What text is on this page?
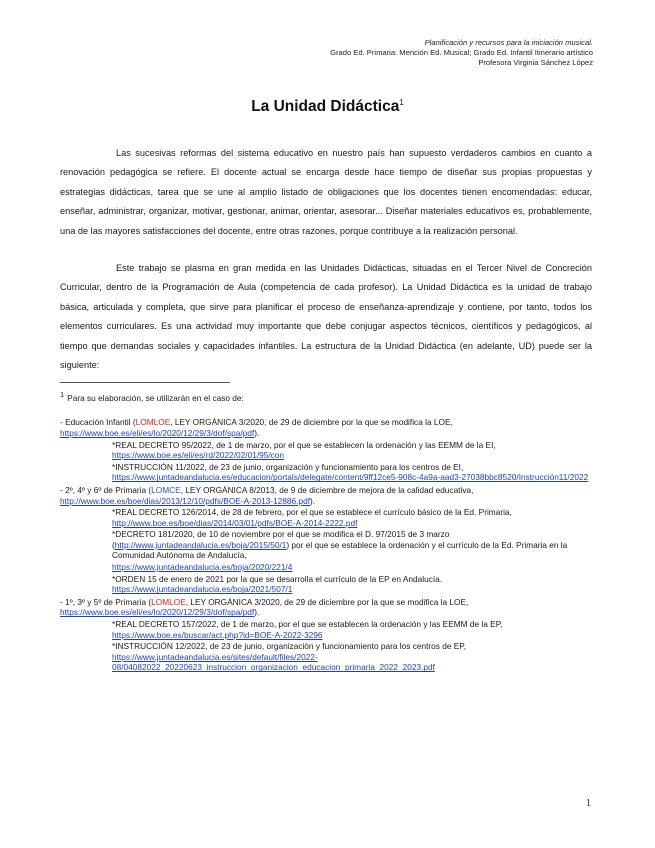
Planificación y recursos para la iniciación musical.
Grado Ed. Primaria: Mención Ed. Musical; Grado Ed. Infantil Itinerario artístico
Profesora Virginia Sánchez López
La Unidad Didáctica$^1$
Las sucesivas reformas del sistema educativo en nuestro país han supuesto verdaderos cambios en cuanto a renovación pedagógica se refiere. El docente actual se encarga desde hace tiempo de diseñar sus propias propuestas y estrategias didácticas, tarea que se une al amplio listado de obligaciones que los docentes tienen encomendadas: educar, enseñar, administrar, organizar, motivar, gestionar, animar, orientar, asesorar... Diseñar materiales educativos es, probablemente, una de las mayores satisfacciones del docente, entre otras razones, porque contribuye a la realización personal.
Este trabajo se plasma en gran medida en las Unidades Didácticas, situadas en el Tercer Nivel de Concreción Curricular, dentro de la Programación de Aula (competencia de cada profesor). La Unidad Didáctica es la unidad de trabajo básica, articulada y completa, que sirve para planificar el proceso de enseñanza-aprendizaje y contiene, por tanto, todos los elementos curriculares. Es una actividad muy importante que debe conjugar aspectos técnicos, científicos y pedagógicos, al tiempo que demandas sociales y capacidades infantiles. La estructura de la Unidad Didáctica (en adelante, UD) puede ser la siguiente:
$^1$ Para su elaboración, se utilizarán en el caso de:
- Educación Infantil (LOMLOE, LEY ORGÁNICA 3/2020, de 29 de diciembre por la que se modifica la LOE, https://www.boe.es/eli/es/lo/2020/12/29/3/dof/spa/pdf).
*REAL DECRETO 95/2022, de 1 de marzo, por el que se establecen la ordenación y las EEMM de la EI, https://www.boe.es/eli/es/rd/2022/02/01/95/con
*INSTRUCCIÓN 11/2022, de 23 de junio, organización y funcionamiento para los centros de EI, https://www.juntadeandalucia.es/educacion/portals/delegate/content/9ff12ce5-908c-4a9a-aad3-27038bbc8520/Instrucción11/2022
- 2º, 4º y 6º de Primaria (LOMCE, LEY ORGÁNICA 8/2013, de 9 de diciembre de mejora de la calidad educativa, http://www.boe.es/boe/dias/2013/12/10/pdfs/BOE-A-2013-12886.pdf).
*REAL DECRETO 126/2014, de 28 de febrero, por el que se establece el currículo básico de la Ed. Primaria, http://www.boe.es/boe/dias/2014/03/01/pdfs/BOE-A-2014-2222.pdf
*DECRETO 181/2020, de 10 de noviembre por el que se modifica el D. 97/2015 de 3 marzo (http://www.juntadeandalucia.es/boja/2015/50/1) por el que se establece la ordenación y el currículo de la Ed. Primaria en la Comunidad Autónoma de Andalucía,
https://www.juntadeandalucia.es/boja/2020/221/4
*ORDEN 15 de enero de 2021 por la que se desarrolla el currículo de la EP en Andalucía. https://www.juntadeandalucia.es/boja/2021/507/1
- 1º, 3º y 5º de Primaria (LOMLOE, LEY ORGÁNICA 3/2020, de 29 de diciembre por la que se modifica la LOE, https://www.boe.es/eli/es/lo/2020/12/29/3/dof/spa/pdf).
*REAL DECRETO 157/2022, de 1 de marzo, por el que se establecen la ordenación y las EEMM de la EP, https://www.boe.es/buscar/act.php?id=BOE-A-2022-3296
*INSTRUCCIÓN 12/2022, de 23 de junio, organización y funcionamiento para los centros de EP, https://www.juntadeandalucia.es/sites/default/files/2022-08/04082022_20220623_instruccion_organizacion_educacion_primaria_2022_2023.pdf
1
